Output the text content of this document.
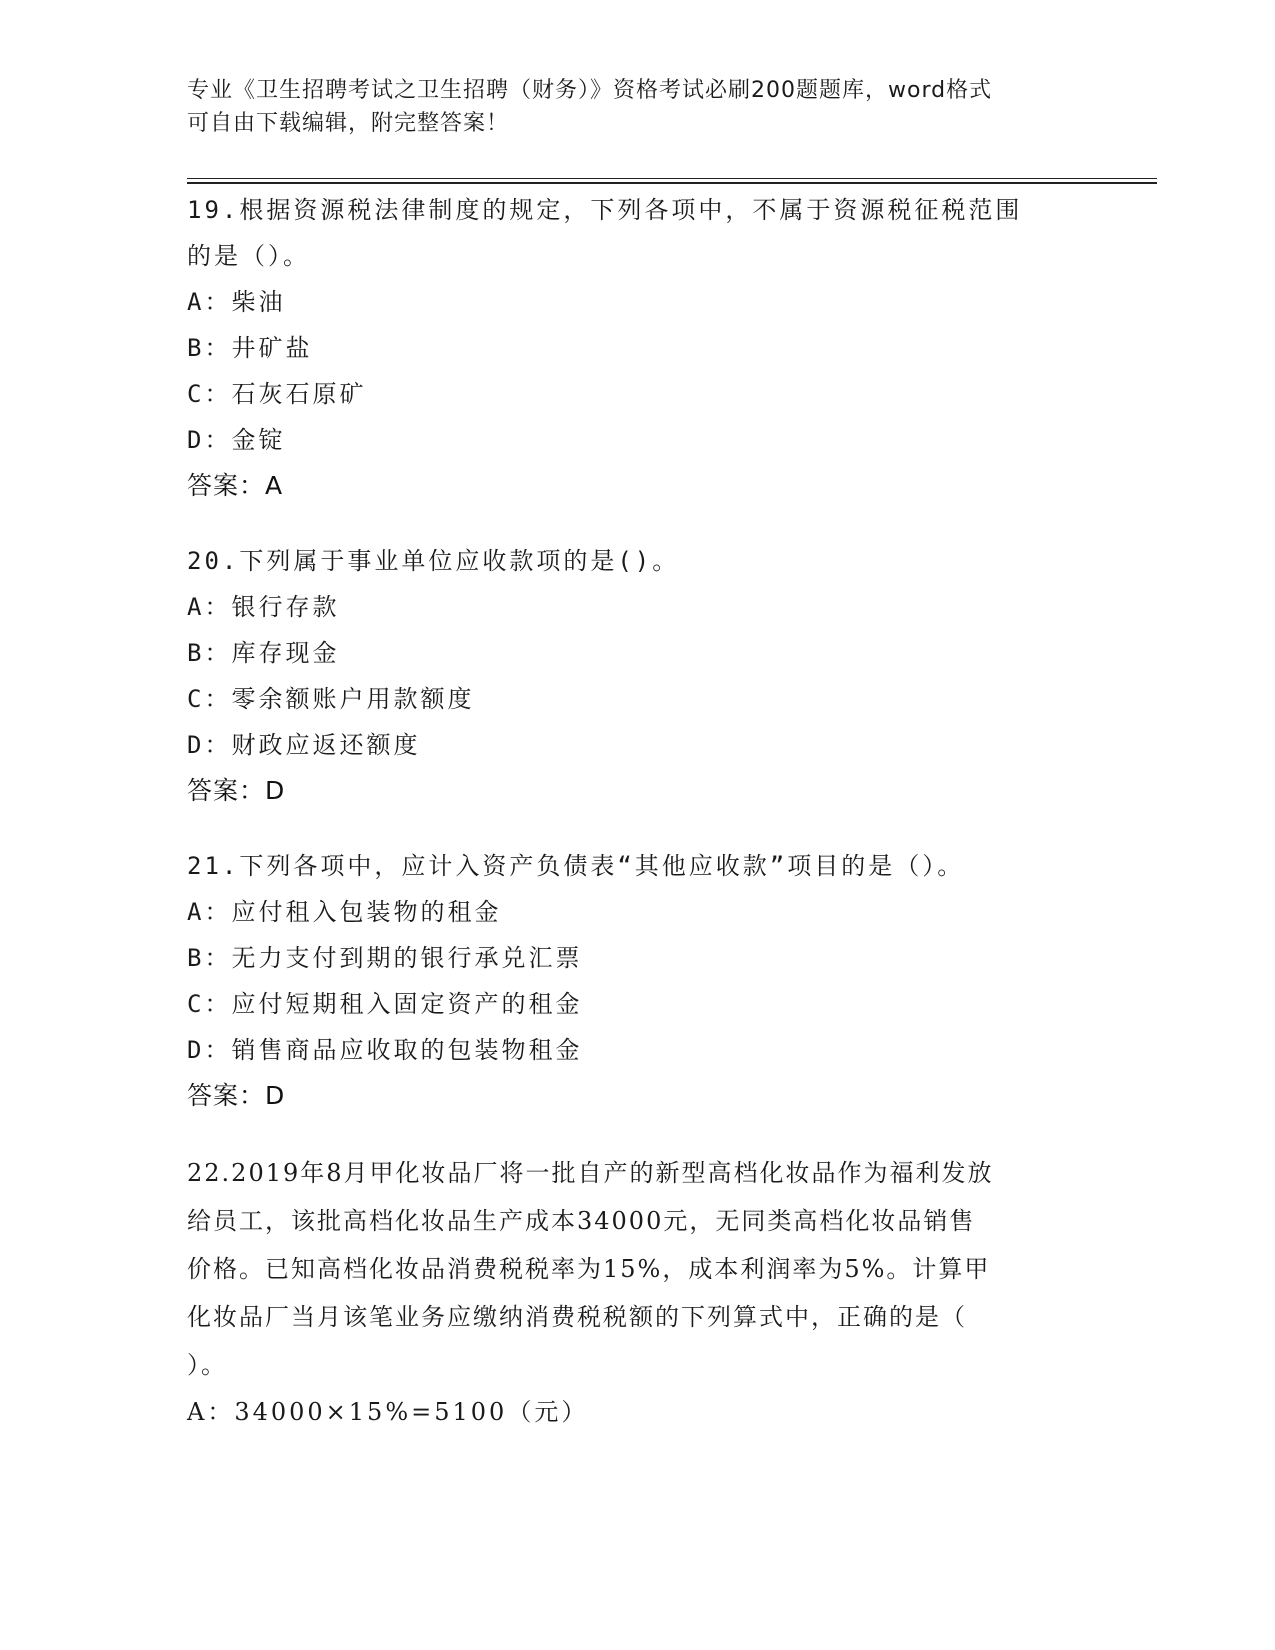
专业《卫生招聘考试之卫生招聘（财务）》资格考试必刷200题题库，word格式
可自由下载编辑，附完整答案！
19.根据资源税法律制度的规定，下列各项中，不属于资源税征税范围
的是（）。
A：柴油
B：井矿盐
C：石灰石原矿
D：金锭
答案：A
20.下列属于事业单位应收款项的是()。
A：银行存款
B：库存现金
C：零余额账户用款额度
D：财政应返还额度
答案：D
21.下列各项中，应计入资产负债表“其他应收款”项目的是（）。
A：应付租入包装物的租金
B：无力支付到期的银行承兑汇票
C：应付短期租入固定资产的租金
D：销售商品应收取的包装物租金
答案：D
22.2019年8月甲化妆品厂将一批自产的新型高档化妆品作为福利发放
给员工，该批高档化妆品生产成本34000元，无同类高档化妆品销售
价格。已知高档化妆品消费税税率为15%，成本利润率为5%。计算甲
化妆品厂当月该笔业务应缴纳消费税税额的下列算式中，正确的是（
）。
A：34000×15%=5100（元）
